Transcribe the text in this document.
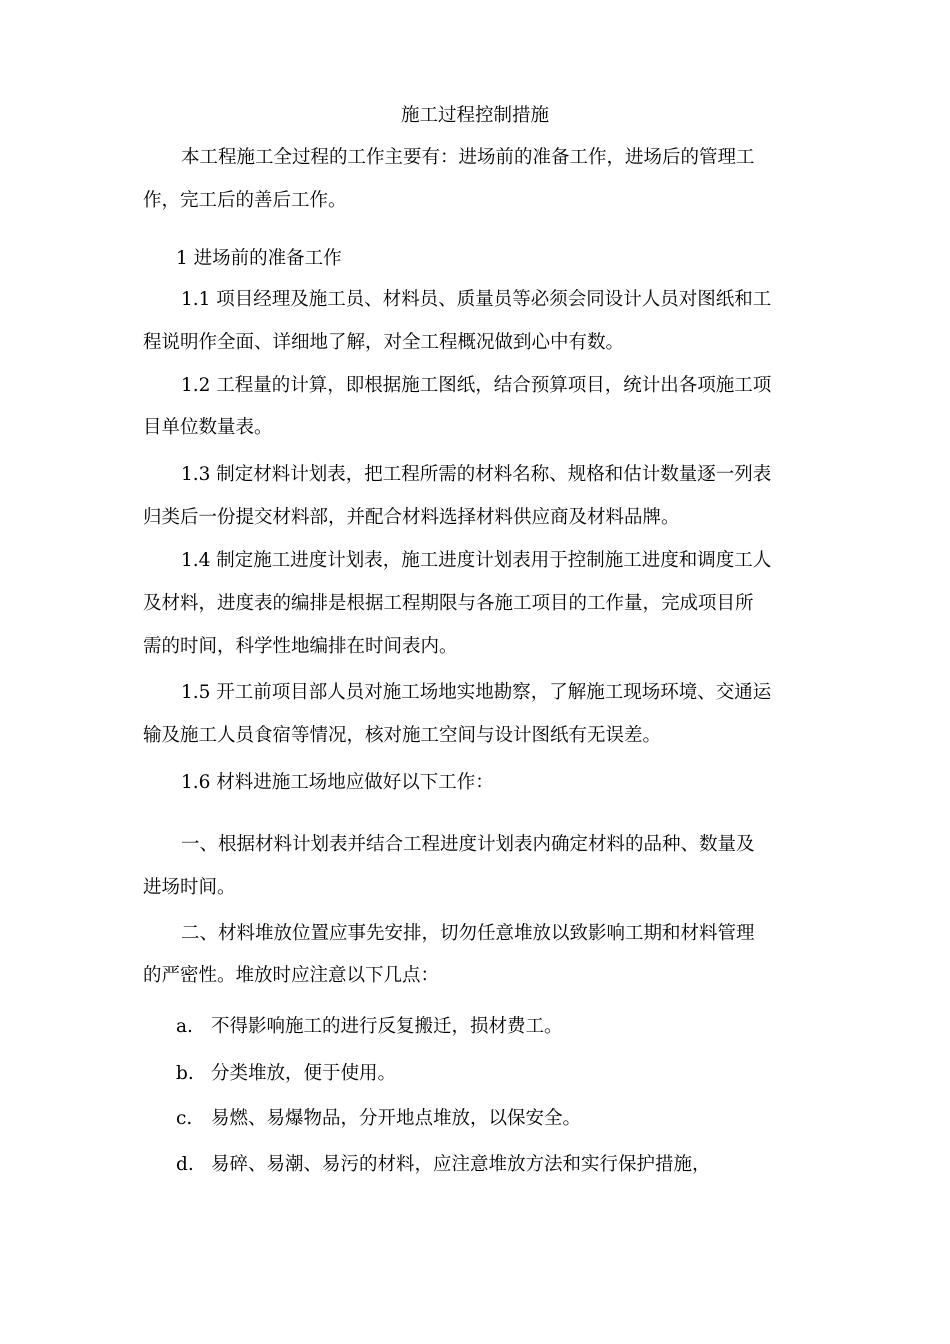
施工过程控制措施

本工程施工全过程的工作主要有：进场前的准备工作，进场后的管理工

作，完工后的善后工作。

1 进场前的准备工作

1.1 项目经理及施工员、材料员、质量员等必须会同设计人员对图纸和工

程说明作全面、详细地了解，对全工程概况做到心中有数。

1.2 工程量的计算，即根据施工图纸，结合预算项目，统计出各项施工项

目单位数量表。

1.3 制定材料计划表，把工程所需的材料名称、规格和估计数量逐一列表

归类后一份提交材料部，并配合材料选择材料供应商及材料品牌。

1.4 制定施工进度计划表，施工进度计划表用于控制施工进度和调度工人

及材料，进度表的编排是根据工程期限与各施工项目的工作量，完成项目所

需的时间，科学性地编排在时间表内。

1.5 开工前项目部人员对施工场地实地勘察，了解施工现场环境、交通运

输及施工人员食宿等情况，核对施工空间与设计图纸有无误差。

1.6 材料进施工场地应做好以下工作：

一、根据材料计划表并结合工程进度计划表内确定材料的品种、数量及

进场时间。

二、材料堆放位置应事先安排，切勿任意堆放以致影响工期和材料管理

的严密性。堆放时应注意以下几点：

a. 不得影响施工的进行反复搬迁，损材费工。

b. 分类堆放，便于使用。

c. 易燃、易爆物品，分开地点堆放，以保安全。

d. 易碎、易潮、易污的材料，应注意堆放方法和实行保护措施，
